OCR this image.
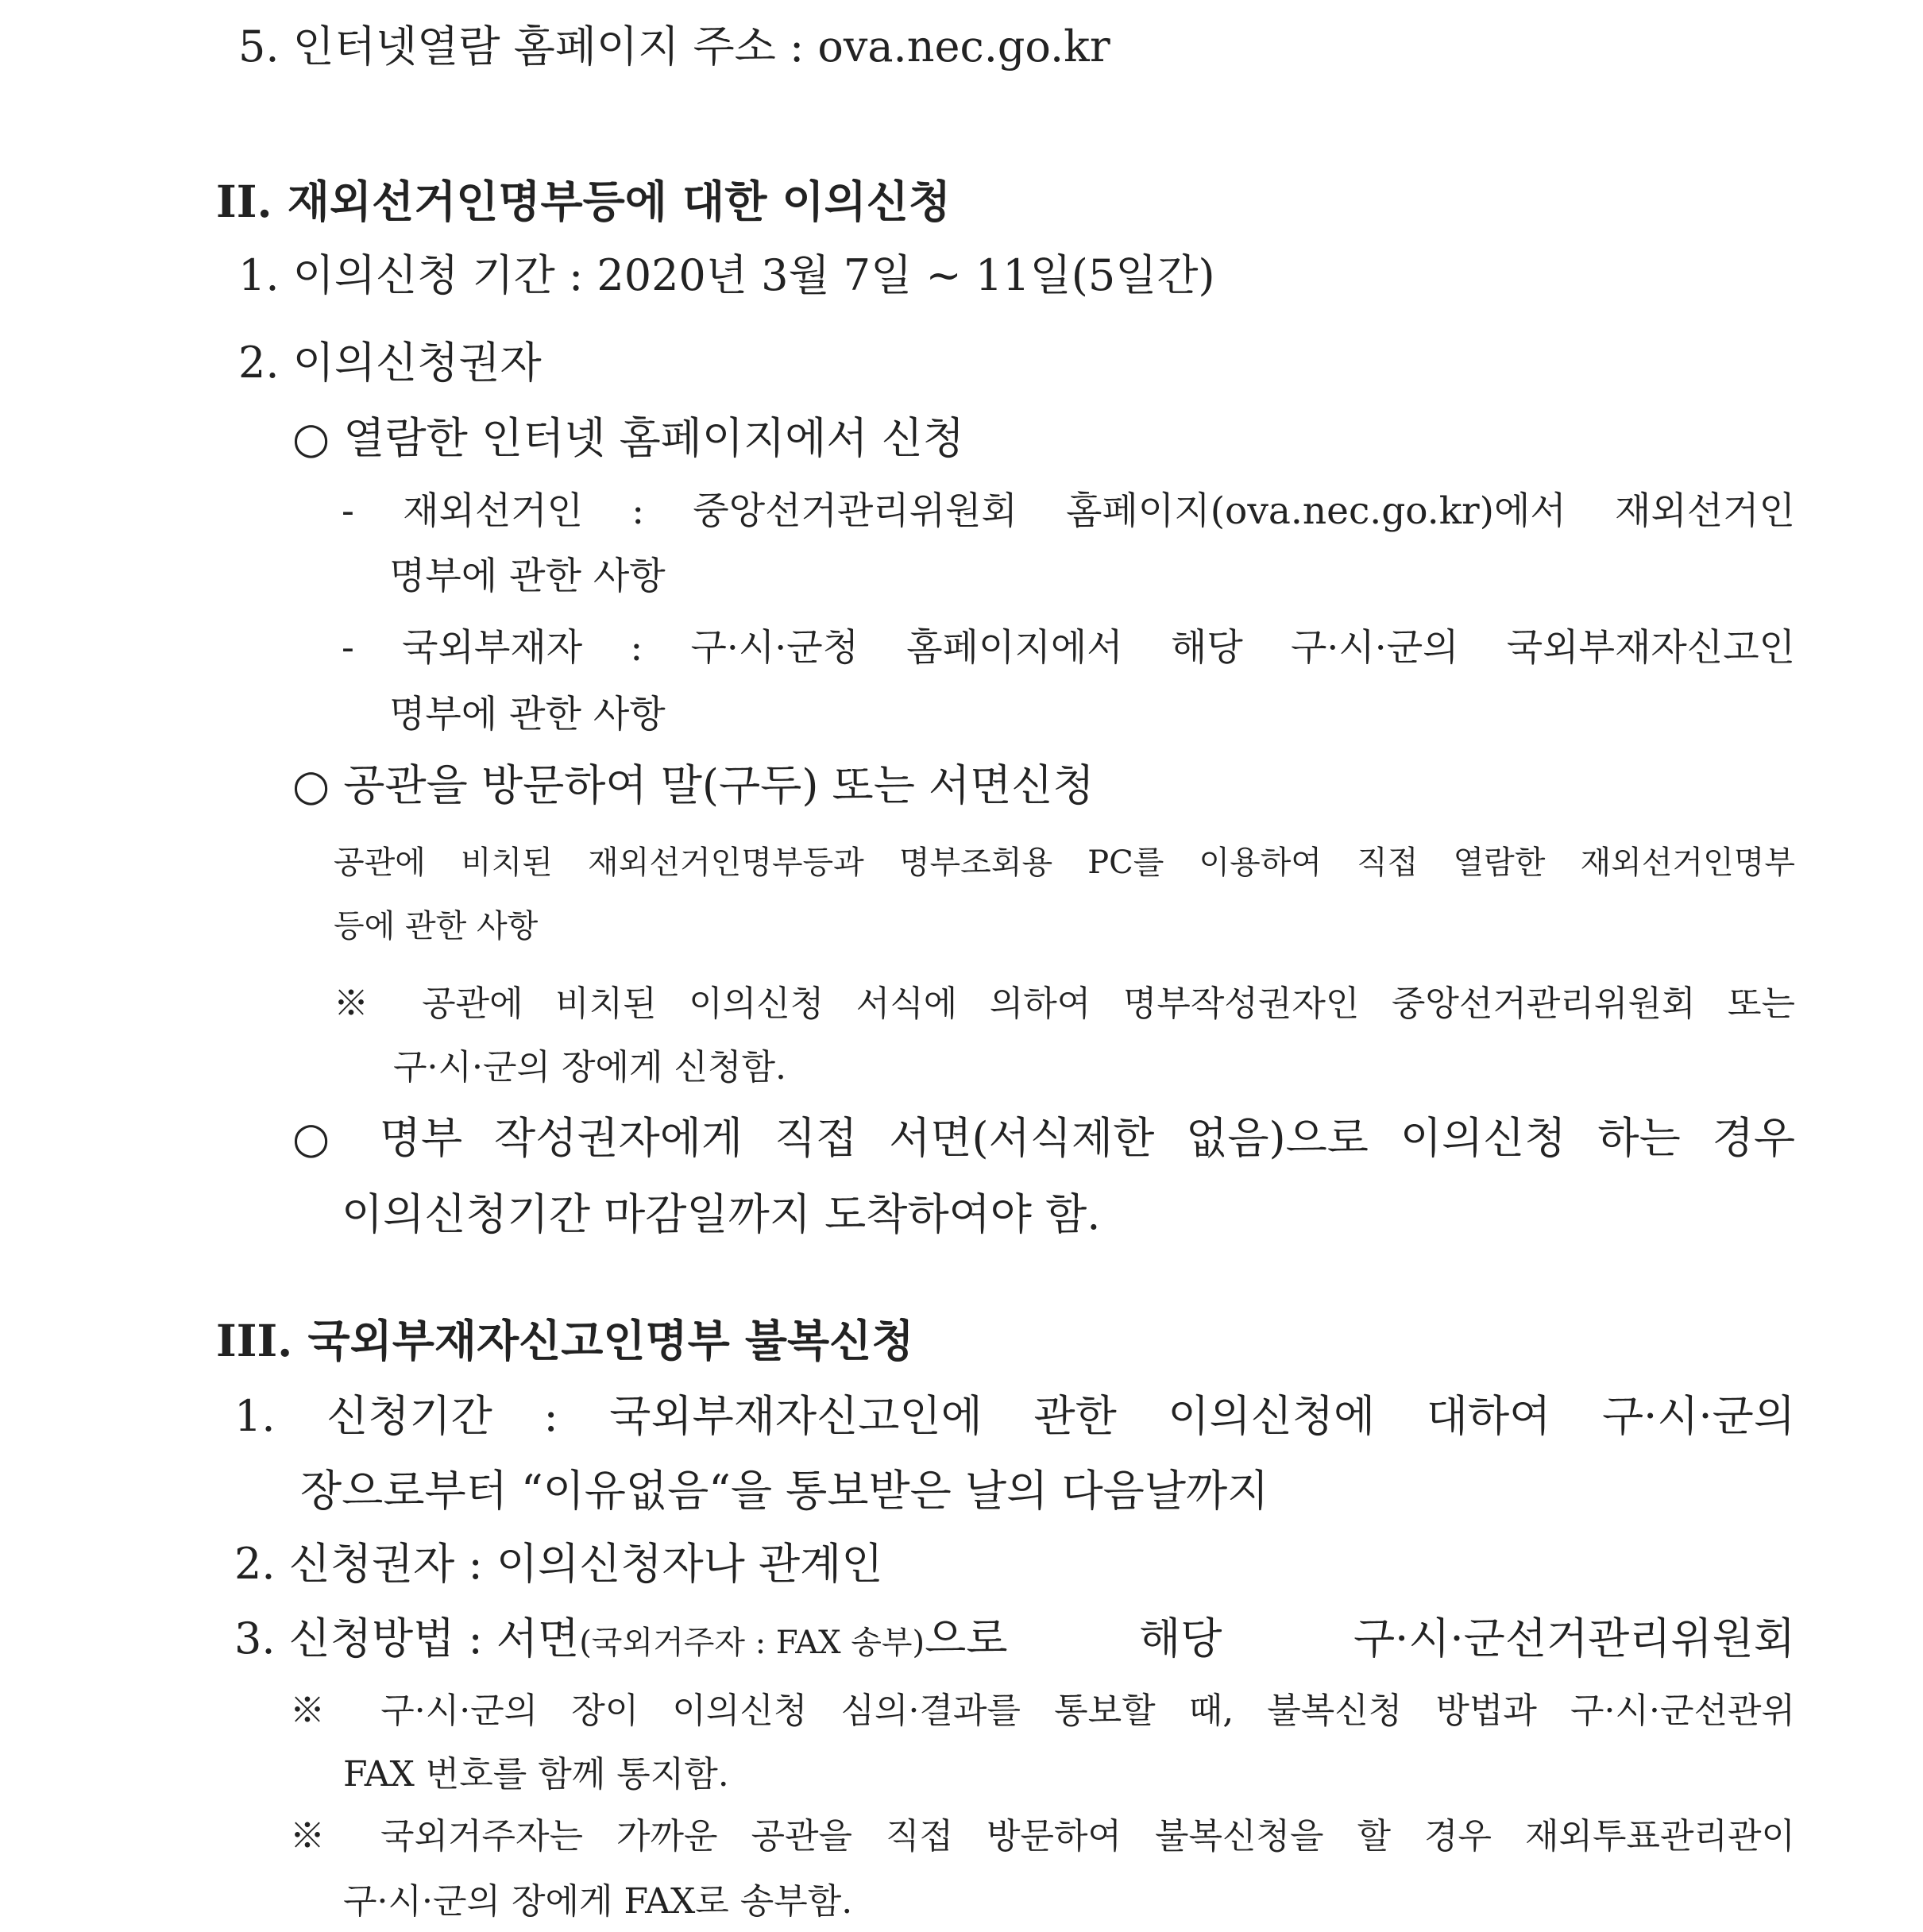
5. 인터넷열람 홈페이지 주소 : ova.nec.go.kr
II. 재외선거인명부등에 대한 이의신청
1. 이의신청 기간 : 2020년 3월 7일 ~ 11일(5일간)
2. 이의신청권자
○ 열람한 인터넷 홈페이지에서 신청
- 재외선거인 : 중앙선거관리위원회 홈페이지(ova.nec.go.kr)에서 재외선거인
명부에 관한 사항
- 국외부재자 : 구·시·군청 홈페이지에서 해당 구·시·군의 국외부재자신고인
명부에 관한 사항
○ 공관을 방문하여 말(구두) 또는 서면신청
공관에 비치된 재외선거인명부등과 명부조회용 PC를 이용하여 직접 열람한 재외선거인명부
등에 관한 사항
※ 공관에 비치된 이의신청 서식에 의하여 명부작성권자인 중앙선거관리위원회 또는
구·시·군의 장에게 신청함.
○ 명부 작성권자에게 직접 서면(서식제한 없음)으로 이의신청 하는 경우
이의신청기간 마감일까지 도착하여야 함.
III. 국외부재자신고인명부 불복신청
1. 신청기간 : 국외부재자신고인에 관한 이의신청에 대하여 구·시·군의
장으로부터 “이유없음“을 통보받은 날의 다음날까지
2. 신청권자 : 이의신청자나 관계인
3. 신청방법 : 서면 (국외거주자 : FAX 송부) 으로 해당 구·시·군선거관리위원회
※ 구·시·군의 장이 이의신청 심의·결과를 통보할 때, 불복신청 방법과 구·시·군선관위
FAX 번호를 함께 통지함.
※ 국외거주자는 가까운 공관을 직접 방문하여 불복신청을 할 경우 재외투표관리관이
구·시·군의 장에게 FAX로 송부함.
